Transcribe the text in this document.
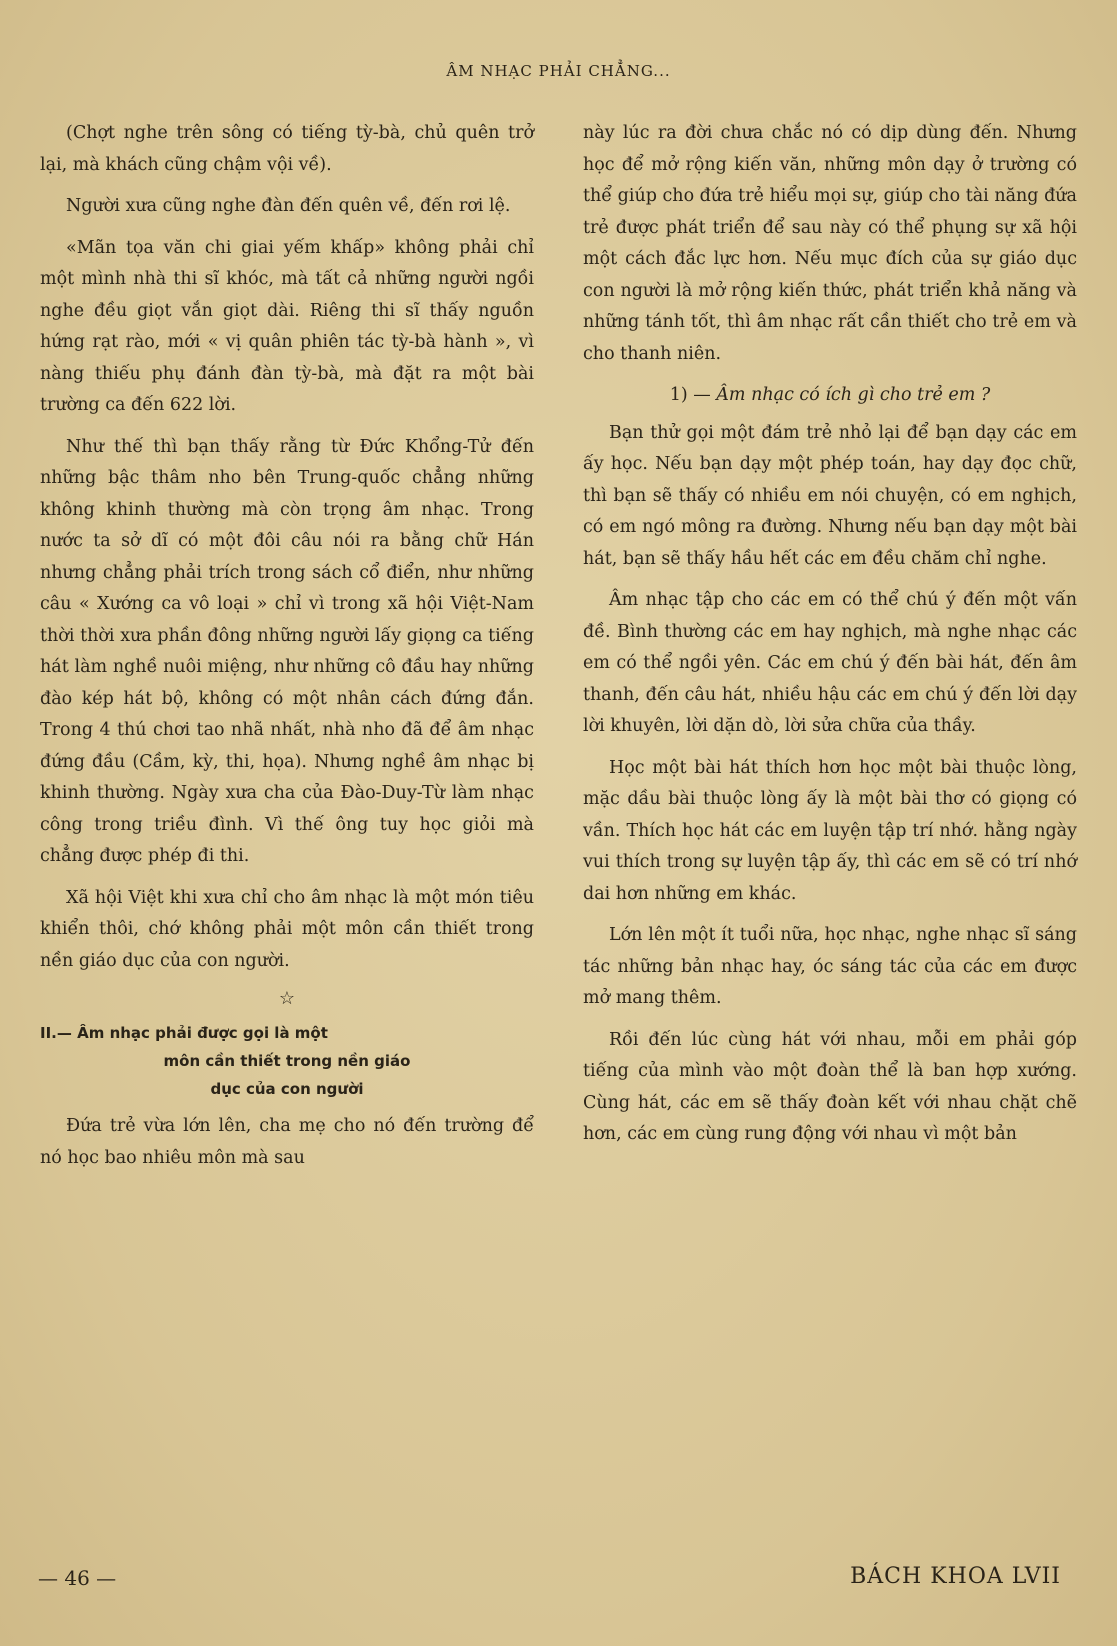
ÂM NHẠC PHẢI CHẲNG...

(Chợt nghe trên sông có tiếng tỳ-bà, chủ quên trở lại, mà khách cũng chậm vội về).

Người xưa cũng nghe đàn đến quên về, đến rơi lệ.

«Mãn tọa văn chi giai yếm khấp» không phải chỉ một mình nhà thi sĩ khóc, mà tất cả những người ngồi nghe đều giọt vắn giọt dài. Riêng thi sĩ thấy nguồn hứng rạt rào, mới « vị quân phiên tác tỳ-bà hành », vì nàng thiếu phụ đánh đàn tỳ-bà, mà đặt ra một bài trường ca đến 622 lời.

Như thế thì bạn thấy rằng từ Đức Khổng-Tử đến những bậc thâm nho bên Trung-quốc chẳng những không khinh thường mà còn trọng âm nhạc. Trong nước ta sở dĩ có một đôi câu nói ra bằng chữ Hán nhưng chẳng phải trích trong sách cổ điển, như những câu « Xướng ca vô loại » chỉ vì trong xã hội Việt-Nam thời thời xưa phần đông những người lấy giọng ca tiếng hát làm nghề nuôi miệng, như những cô đầu hay những đào kép hát bộ, không có một nhân cách đứng đắn. Trong 4 thú chơi tao nhã nhất, nhà nho đã để âm nhạc đứng đầu (Cầm, kỳ, thi, họa). Nhưng nghề âm nhạc bị khinh thường. Ngày xưa cha của Đào-Duy-Từ làm nhạc công trong triều đình. Vì thế ông tuy học giỏi mà chẳng được phép đi thi.

Xã hội Việt khi xưa chỉ cho âm nhạc là một món tiêu khiển thôi, chớ không phải một môn cần thiết trong nền giáo dục của con người.

☆
II.— Âm nhạc phải được gọi là một
môn cần thiết trong nền giáo
dục của con người

Đứa trẻ vừa lớn lên, cha mẹ cho nó đến trường để nó học bao nhiêu môn mà sau

này lúc ra đời chưa chắc nó có dịp dùng đến. Nhưng học để mở rộng kiến văn, những môn dạy ở trường có thể giúp cho đứa trẻ hiểu mọi sự, giúp cho tài năng đứa trẻ được phát triển để sau này có thể phụng sự xã hội một cách đắc lực hơn. Nếu mục đích của sự giáo dục con người là mở rộng kiến thức, phát triển khả năng và những tánh tốt, thì âm nhạc rất cần thiết cho trẻ em và cho thanh niên.

1) — Âm nhạc có ích gì cho trẻ em ?

Bạn thử gọi một đám trẻ nhỏ lại để bạn dạy các em ấy học. Nếu bạn dạy một phép toán, hay dạy đọc chữ, thì bạn sẽ thấy có nhiều em nói chuyện, có em nghịch, có em ngó mông ra đường. Nhưng nếu bạn dạy một bài hát, bạn sẽ thấy hầu hết các em đều chăm chỉ nghe.

Âm nhạc tập cho các em có thể chú ý đến một vấn đề. Bình thường các em hay nghịch, mà nghe nhạc các em có thể ngồi yên. Các em chú ý đến bài hát, đến âm thanh, đến câu hát, nhiều hậu các em chú ý đến lời dạy lời khuyên, lời dặn dò, lời sửa chữa của thầy.

Học một bài hát thích hơn học một bài thuộc lòng, mặc dầu bài thuộc lòng ấy là một bài thơ có giọng có vần. Thích học hát các em luyện tập trí nhớ. hằng ngày vui thích trong sự luyện tập ấy, thì các em sẽ có trí nhớ dai hơn những em khác.

Lớn lên một ít tuổi nữa, học nhạc, nghe nhạc sĩ sáng tác những bản nhạc hay, óc sáng tác của các em được mở mang thêm.

Rồi đến lúc cùng hát với nhau, mỗi em phải góp tiếng của mình vào một đoàn thể là ban hợp xướng. Cùng hát, các em sẽ thấy đoàn kết với nhau chặt chẽ hơn, các em cùng rung động với nhau vì một bản

— 46 —	BÁCH KHOA LVII
